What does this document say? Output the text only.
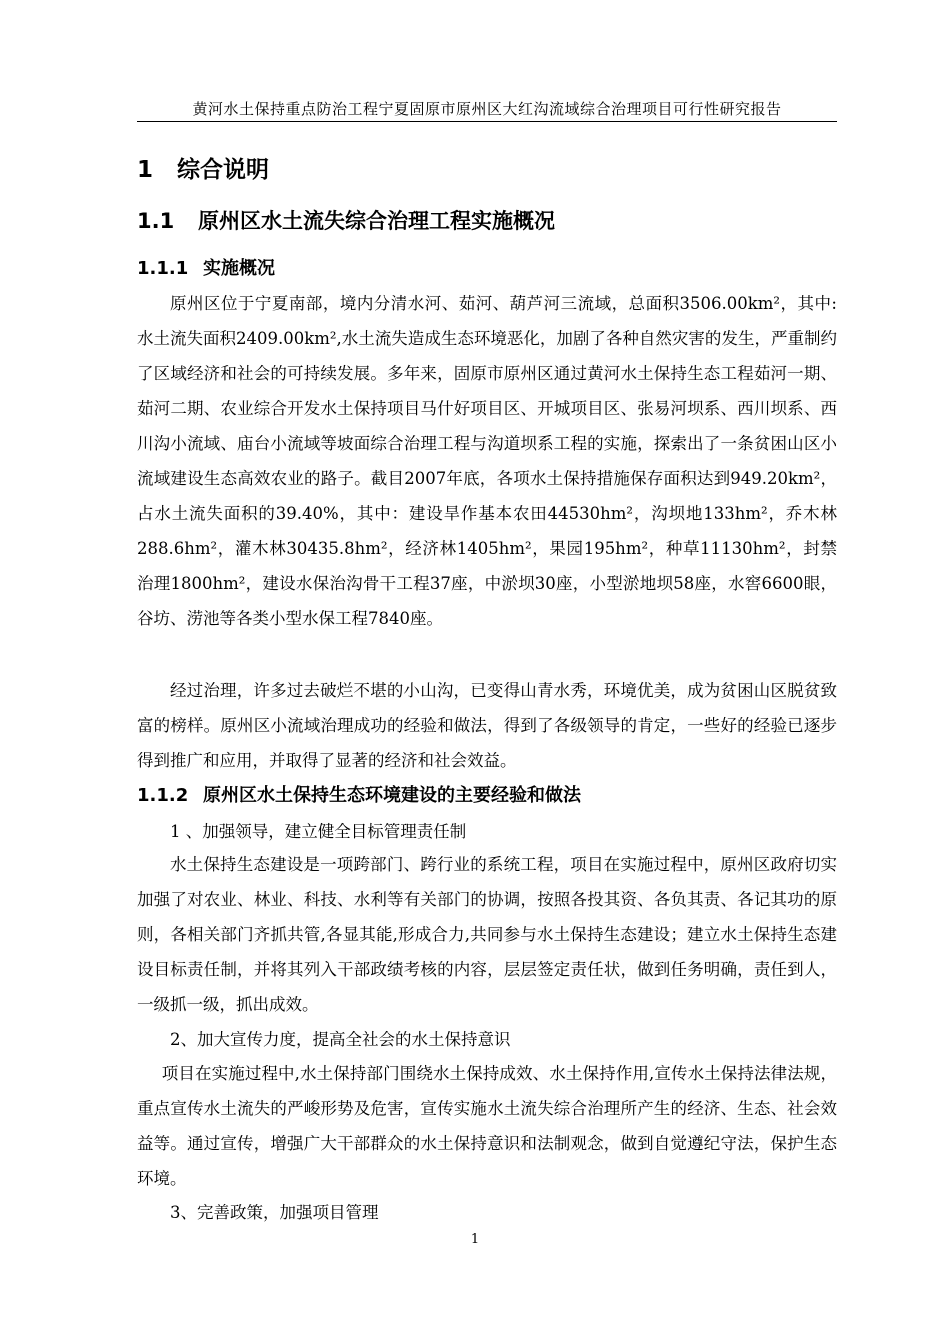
黄河水土保持重点防治工程宁夏固原市原州区大红沟流域综合治理项目可行性研究报告
1 综合说明
1.1 原州区水土流失综合治理工程实施概况
1.1.1 实施概况

原州区位于宁夏南部，境内分清水河、茹河、葫芦河三流域，总面积3506.00km²，其中:水土流失面积2409.00km²,水土流失造成生态环境恶化，加剧了各种自然灾害的发生，严重制约了区域经济和社会的可持续发展。多年来，固原市原州区通过黄河水土保持生态工程茹河一期、茹河二期、农业综合开发水土保持项目马什好项目区、开城项目区、张易河坝系、西川坝系、西川沟小流域、庙台小流域等坡面综合治理工程与沟道坝系工程的实施，探索出了一条贫困山区小流域建设生态高效农业的路子。截目2007年底，各项水土保持措施保存面积达到949.20km²，占水土流失面积的39.40%，其中：建设旱作基本农田44530hm²，沟坝地133hm²，乔木林288.6hm²，灌木林30435.8hm²，经济林1405hm²，果园195hm²，种草11130hm²，封禁治理1800hm²，建设水保治沟骨干工程37座，中淤坝30座，小型淤地坝58座，水窖6600眼，谷坊、涝池等各类小型水保工程7840座。

经过治理，许多过去破烂不堪的小山沟，已变得山青水秀，环境优美，成为贫困山区脱贫致富的榜样。原州区小流域治理成功的经验和做法，得到了各级领导的肯定，一些好的经验已逐步得到推广和应用，并取得了显著的经济和社会效益。

1.1.2 原州区水土保持生态环境建设的主要经验和做法

1 、加强领导，建立健全目标管理责任制

水土保持生态建设是一项跨部门、跨行业的系统工程，项目在实施过程中，原州区政府切实加强了对农业、林业、科技、水利等有关部门的协调，按照各投其资、各负其责、各记其功的原则，各相关部门齐抓共管,各显其能,形成合力,共同参与水土保持生态建设；建立水土保持生态建设目标责任制，并将其列入干部政绩考核的内容，层层签定责任状，做到任务明确，责任到人，一级抓一级，抓出成效。

2、加大宣传力度，提高全社会的水土保持意识

项目在实施过程中,水土保持部门围绕水土保持成效、水土保持作用,宣传水土保持法律法规，重点宣传水土流失的严峻形势及危害，宣传实施水土流失综合治理所产生的经济、生态、社会效益等。通过宣传，增强广大干部群众的水土保持意识和法制观念，做到自觉遵纪守法，保护生态环境。

3、完善政策，加强项目管理

1
